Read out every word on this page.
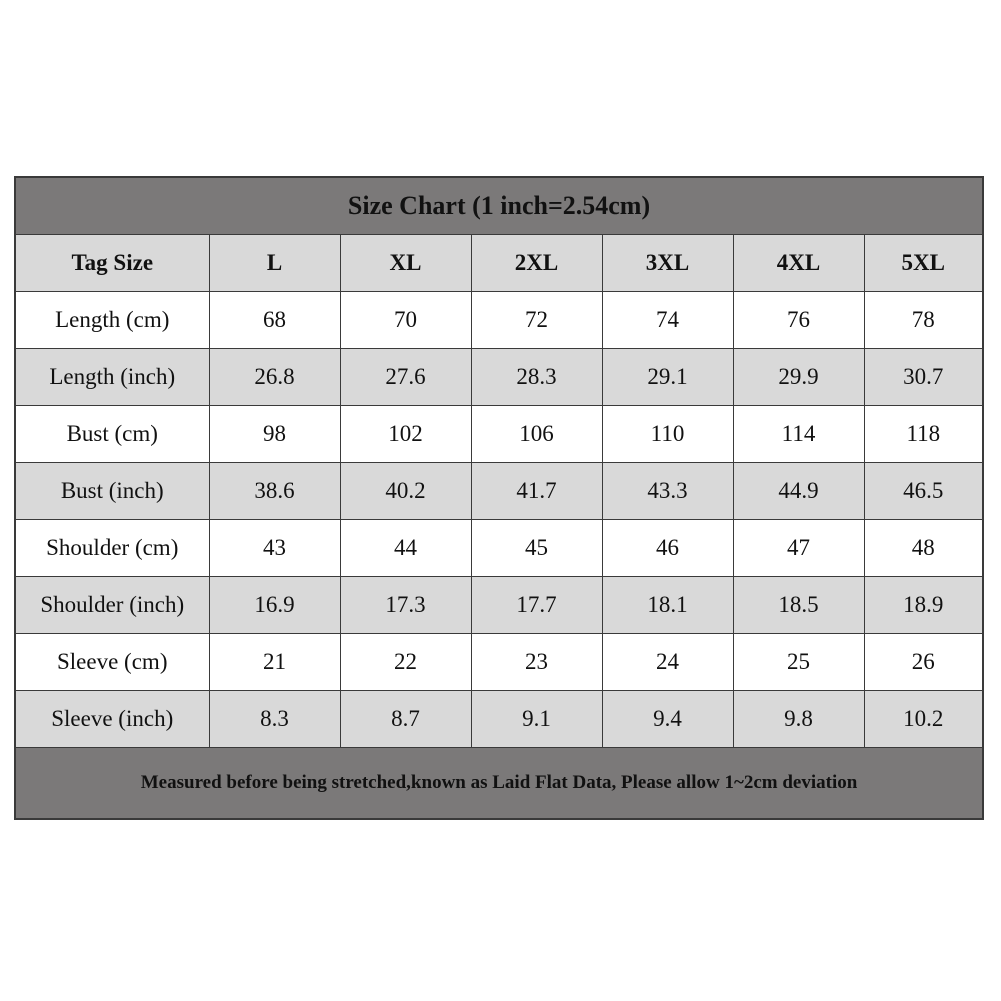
Size Chart (1 inch=2.54cm)						
Tag Size	L	XL	2XL	3XL	4XL	5XL
Length (cm)	68	70	72	74	76	78
Length (inch)	26.8	27.6	28.3	29.1	29.9	30.7
Bust (cm)	98	102	106	110	114	118
Bust (inch)	38.6	40.2	41.7	43.3	44.9	46.5
Shoulder (cm)	43	44	45	46	47	48
Shoulder (inch)	16.9	17.3	17.7	18.1	18.5	18.9
Sleeve (cm)	21	22	23	24	25	26
Sleeve (inch)	8.3	8.7	9.1	9.4	9.8	10.2
Measured before being stretched,known as Laid Flat Data, Please allow 1~2cm deviation						
